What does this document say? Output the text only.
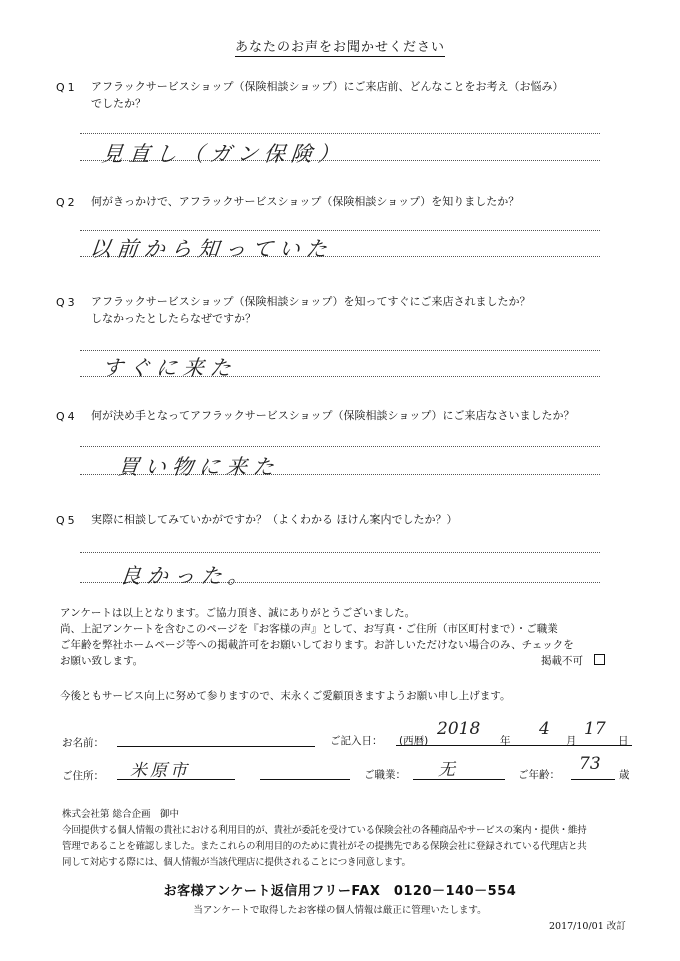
あなたのお声をお聞かせください
Q1 アフラックサービスショップ（保険相談ショップ）にご来店前、どんなことをお考え（お悩み）
でしたか？
見直し（ガン保険）
Q2 何がきっかけで、アフラックサービスショップ（保険相談ショップ）を知りましたか？
以前から知っていた
Q3 アフラックサービスショップ（保険相談ショップ）を知ってすぐにご来店されましたか？
しなかったとしたらなぜですか？
すぐに来た
Q4 何が決め手となってアフラックサービスショップ（保険相談ショップ）にご来店なさいましたか？
買い物に来た
Q5 実際に相談してみていかがですか？（よくわかる ほけん案内でしたか？）
良かった。
アンケートは以上となります。ご協力頂き、誠にありがとうございました。
尚、上記アンケートを含むこのページを『お客様の声』として、お写真・ご住所（市区町村まで）・ご職業
ご年齢を弊社ホームページ等への掲載許可をお願いしております。お許しいただけない場合のみ、チェックを
お願い致します。	掲載不可
今後ともサービス向上に努めて参りますので、末永くご愛顧頂きますようお願い申し上げます。
お名前：	ご記入日： (西暦)
2018
年
4
月
17
日
ご住所： 米原市	ご職業： 无	ご年齢：
73
歳
株式会社第 総合企画　御中
今回提供する個人情報の貴社における利用目的が、貴社が委託を受けている保険会社の各種商品やサービスの案内・提供・維持
管理であることを確認しました。またこれらの利用目的のために貴社がその提携先である保険会社に登録されている代理店と共
同して対応する際には、個人情報が当該代理店に提供されることにつき同意します。
お客様アンケート返信用フリーFAX　0120－140－554
当アンケートで取得したお客様の個人情報は厳正に管理いたします。
2017/10/01 改訂
